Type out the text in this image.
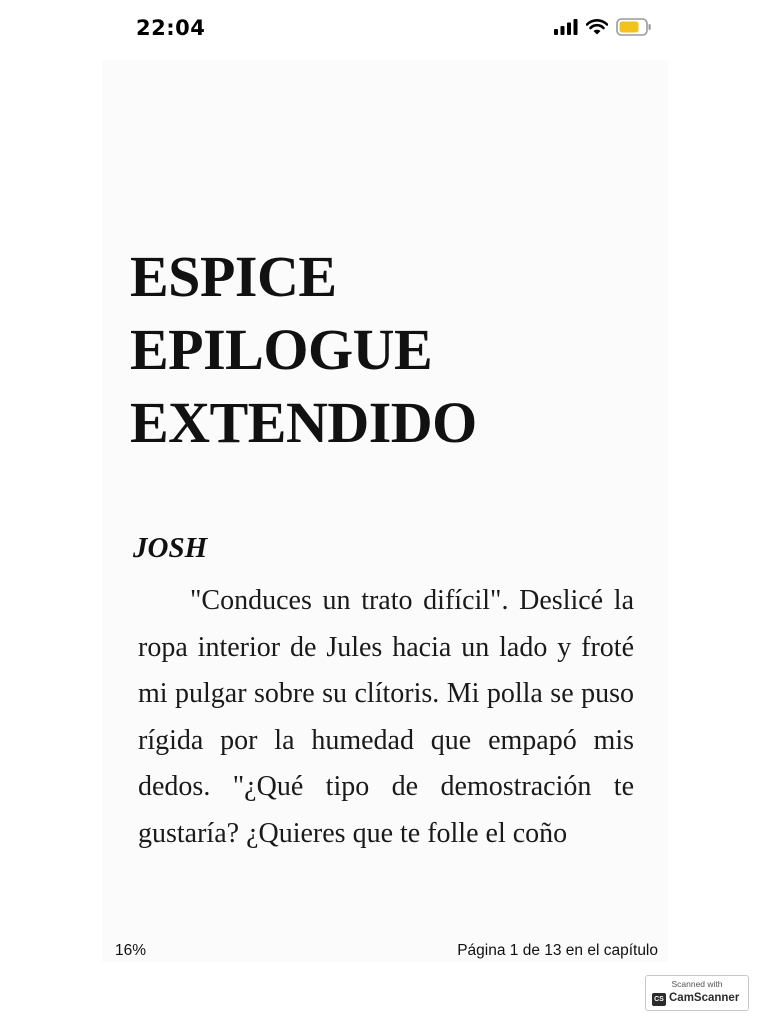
22:04
ESPICE
EPILOGUE
EXTENDIDO
JOSH

"Conduces un trato difícil". Deslicé la ropa interior de Jules hacia un lado y froté mi pulgar sobre su clítoris. Mi polla se puso rígida por la humedad que empapó mis dedos. "¿Qué tipo de demostración te gustaría? ¿Quieres que te folle el coño

16%	Página 1 de 13 en el capítulo
Scanned with
CS CamScanner
